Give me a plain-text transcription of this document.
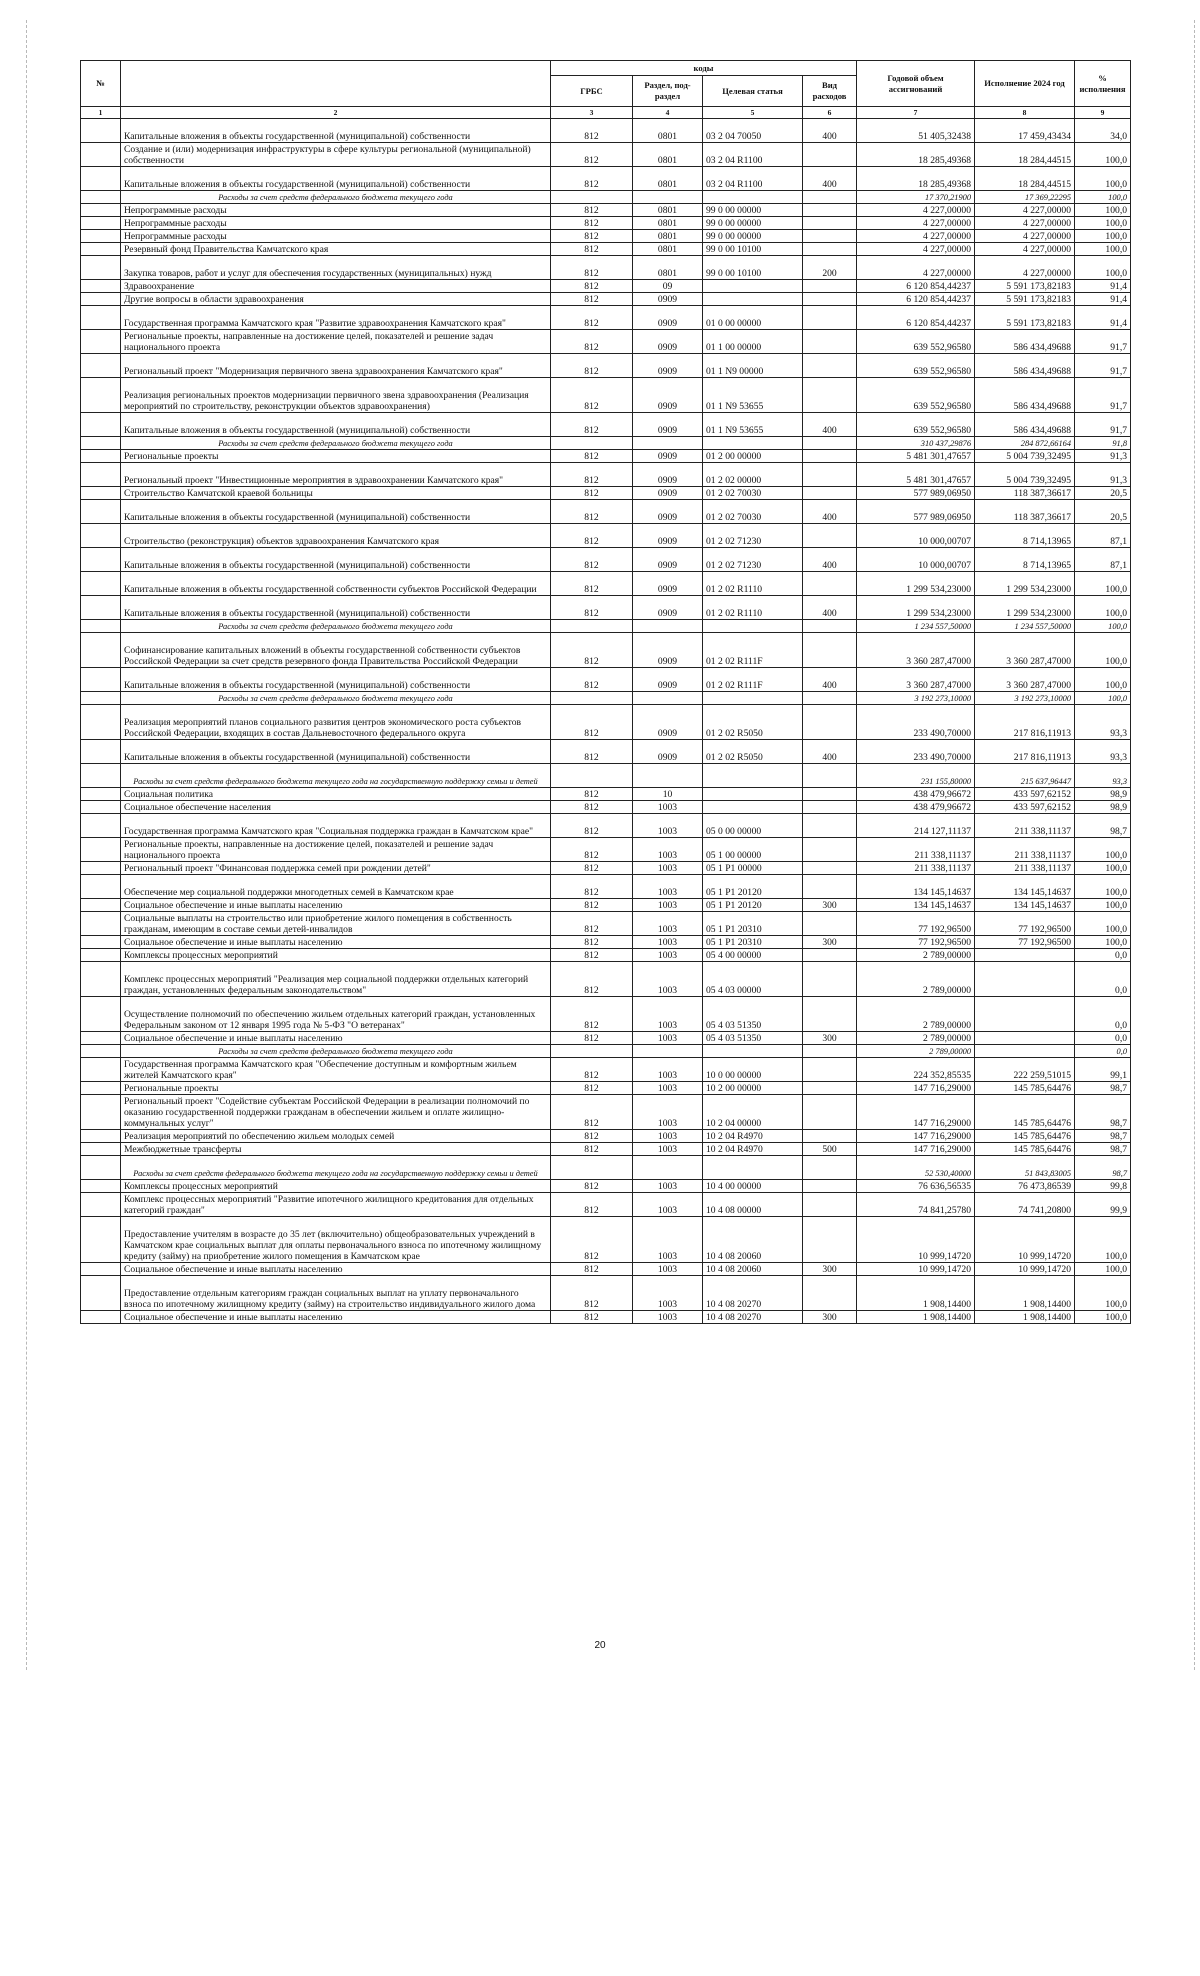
№		коды				Годовой объем ассигнований	Исполнение 2024 год	% исполнения
		ГРБС	Раздел, под-раздел	Целевая статья	Вид расходов			
1	2	3	4	5	6	7	8	9
	Капитальные вложения в объекты государственной (муниципальной) собственности	812	0801	03 2 04 70050	400	51 405,32438	17 459,43434	34,0
	Создание и (или) модернизация инфраструктуры в сфере культуры региональной (муниципальной) собственности	812	0801	03 2 04 R1100		18 285,49368	18 284,44515	100,0
	Капитальные вложения в объекты государственной (муниципальной) собственности	812	0801	03 2 04 R1100	400	18 285,49368	18 284,44515	100,0
	Расходы за счет средств федерального бюджета текущего года					17 370,21900	17 369,22295	100,0
	Непрограммные расходы	812	0801	99 0 00 00000		4 227,00000	4 227,00000	100,0
	Непрограммные расходы	812	0801	99 0 00 00000		4 227,00000	4 227,00000	100,0
	Непрограммные расходы	812	0801	99 0 00 00000		4 227,00000	4 227,00000	100,0
	Резервный фонд Правительства Камчатского края	812	0801	99 0 00 10100		4 227,00000	4 227,00000	100,0
	Закупка товаров, работ и услуг для обеспечения государственных (муниципальных) нужд	812	0801	99 0 00 10100	200	4 227,00000	4 227,00000	100,0
	Здравоохранение	812	09			6 120 854,44237	5 591 173,82183	91,4
	Другие вопросы в области здравоохранения	812	0909			6 120 854,44237	5 591 173,82183	91,4
	Государственная программа Камчатского края "Развитие здравоохранения Камчатского края"	812	0909	01 0 00 00000		6 120 854,44237	5 591 173,82183	91,4
	Региональные проекты, направленные на достижение целей, показателей и решение задач национального проекта	812	0909	01 1 00 00000		639 552,96580	586 434,49688	91,7
	Региональный проект "Модернизация первичного звена здравоохранения Камчатского края"	812	0909	01 1 N9 00000		639 552,96580	586 434,49688	91,7
	Реализация региональных проектов модернизации первичного звена здравоохранения (Реализация мероприятий по строительству, реконструкции объектов здравоохранения)	812	0909	01 1 N9 53655		639 552,96580	586 434,49688	91,7
	Капитальные вложения в объекты государственной (муниципальной) собственности	812	0909	01 1 N9 53655	400	639 552,96580	586 434,49688	91,7
	Расходы за счет средств федерального бюджета текущего года					310 437,29876	284 872,66164	91,8
	Региональные проекты	812	0909	01 2 00 00000		5 481 301,47657	5 004 739,32495	91,3
	Региональный проект "Инвестиционные мероприятия в здравоохранении Камчатского края"	812	0909	01 2 02 00000		5 481 301,47657	5 004 739,32495	91,3
	Строительство Камчатской краевой больницы	812	0909	01 2 02 70030		577 989,06950	118 387,36617	20,5
	Капитальные вложения в объекты государственной (муниципальной) собственности	812	0909	01 2 02 70030	400	577 989,06950	118 387,36617	20,5
	Строительство (реконструкция) объектов здравоохранения Камчатского края	812	0909	01 2 02 71230		10 000,00707	8 714,13965	87,1
	Капитальные вложения в объекты государственной (муниципальной) собственности	812	0909	01 2 02 71230	400	10 000,00707	8 714,13965	87,1
	Капитальные вложения в объекты государственной собственности субъектов Российской Федерации	812	0909	01 2 02 R1110		1 299 534,23000	1 299 534,23000	100,0
	Капитальные вложения в объекты государственной (муниципальной) собственности	812	0909	01 2 02 R1110	400	1 299 534,23000	1 299 534,23000	100,0
	Расходы за счет средств федерального бюджета текущего года					1 234 557,50000	1 234 557,50000	100,0
	Софинансирование капитальных вложений в объекты государственной собственности субъектов Российской Федерации за счет средств резервного фонда Правительства Российской Федерации	812	0909	01 2 02 R111F		3 360 287,47000	3 360 287,47000	100,0
	Капитальные вложения в объекты государственной (муниципальной) собственности	812	0909	01 2 02 R111F	400	3 360 287,47000	3 360 287,47000	100,0
	Расходы за счет средств федерального бюджета текущего года					3 192 273,10000	3 192 273,10000	100,0
	Реализация мероприятий планов социального развития центров экономического роста субъектов Российской Федерации, входящих в состав Дальневосточного федерального округа	812	0909	01 2 02 R5050		233 490,70000	217 816,11913	93,3
	Капитальные вложения в объекты государственной (муниципальной) собственности	812	0909	01 2 02 R5050	400	233 490,70000	217 816,11913	93,3
	Расходы за счет средств федерального бюджета текущего года на государственную поддержку семьи и детей					231 155,80000	215 637,96447	93,3
	Социальная политика	812	10			438 479,96672	433 597,62152	98,9
	Социальное обеспечение населения	812	1003			438 479,96672	433 597,62152	98,9
	Государственная программа Камчатского края "Социальная поддержка граждан в Камчатском крае"	812	1003	05 0 00 00000		214 127,11137	211 338,11137	98,7
	Региональные проекты, направленные на достижение целей, показателей и решение задач национального проекта	812	1003	05 1 00 00000		211 338,11137	211 338,11137	100,0
	Региональный проект "Финансовая поддержка семей при рождении детей"	812	1003	05 1 P1 00000		211 338,11137	211 338,11137	100,0
	Обеспечение мер социальной поддержки многодетных семей в Камчатском крае	812	1003	05 1 P1 20120		134 145,14637	134 145,14637	100,0
	Социальное обеспечение и иные выплаты населению	812	1003	05 1 P1 20120	300	134 145,14637	134 145,14637	100,0
	Социальные выплаты на строительство или приобретение жилого помещения в собственность гражданам, имеющим в составе семьи детей-инвалидов	812	1003	05 1 P1 20310		77 192,96500	77 192,96500	100,0
	Социальное обеспечение и иные выплаты населению	812	1003	05 1 P1 20310	300	77 192,96500	77 192,96500	100,0
	Комплексы процессных мероприятий	812	1003	05 4 00 00000		2 789,00000		0,0
	Комплекс процессных мероприятий "Реализация мер социальной поддержки отдельных категорий граждан, установленных федеральным законодательством"	812	1003	05 4 03 00000		2 789,00000		0,0
	Осуществление полномочий по обеспечению жильем отдельных категорий граждан, установленных Федеральным законом от 12 января 1995 года № 5-ФЗ "О ветеранах"	812	1003	05 4 03 51350		2 789,00000		0,0
	Социальное обеспечение и иные выплаты населению	812	1003	05 4 03 51350	300	2 789,00000		0,0
	Расходы за счет средств федерального бюджета текущего года					2 789,00000		0,0
	Государственная программа Камчатского края "Обеспечение доступным и комфортным жильем жителей Камчатского края"	812	1003	10 0 00 00000		224 352,85535	222 259,51015	99,1
	Региональные проекты	812	1003	10 2 00 00000		147 716,29000	145 785,64476	98,7
	Региональный проект "Содействие субъектам Российской Федерации в реализации полномочий по оказанию государственной поддержки гражданам в обеспечении жильем и оплате жилищно-коммунальных услуг"	812	1003	10 2 04 00000		147 716,29000	145 785,64476	98,7
	Реализация мероприятий по обеспечению жильем молодых семей	812	1003	10 2 04 R4970		147 716,29000	145 785,64476	98,7
	Межбюджетные трансферты	812	1003	10 2 04 R4970	500	147 716,29000	145 785,64476	98,7
	Расходы за счет средств федерального бюджета текущего года на государственную поддержку семьи и детей					52 530,40000	51 843,83005	98,7
	Комплексы процессных мероприятий	812	1003	10 4 00 00000		76 636,56535	76 473,86539	99,8
	Комплекс процессных мероприятий "Развитие ипотечного жилищного кредитования для отдельных категорий граждан"	812	1003	10 4 08 00000		74 841,25780	74 741,20800	99,9
	Предоставление учителям в возрасте до 35 лет (включительно) общеобразовательных учреждений в Камчатском крае социальных выплат для оплаты первоначального взноса по ипотечному жилищному кредиту (займу) на приобретение жилого помещения в Камчатском крае	812	1003	10 4 08 20060		10 999,14720	10 999,14720	100,0
	Социальное обеспечение и иные выплаты населению	812	1003	10 4 08 20060	300	10 999,14720	10 999,14720	100,0
	Предоставление отдельным категориям граждан социальных выплат на уплату первоначального взноса по ипотечному жилищному кредиту (займу) на строительство индивидуального жилого дома	812	1003	10 4 08 20270		1 908,14400	1 908,14400	100,0
	Социальное обеспечение и иные выплаты населению	812	1003	10 4 08 20270	300	1 908,14400	1 908,14400	100,0
20
